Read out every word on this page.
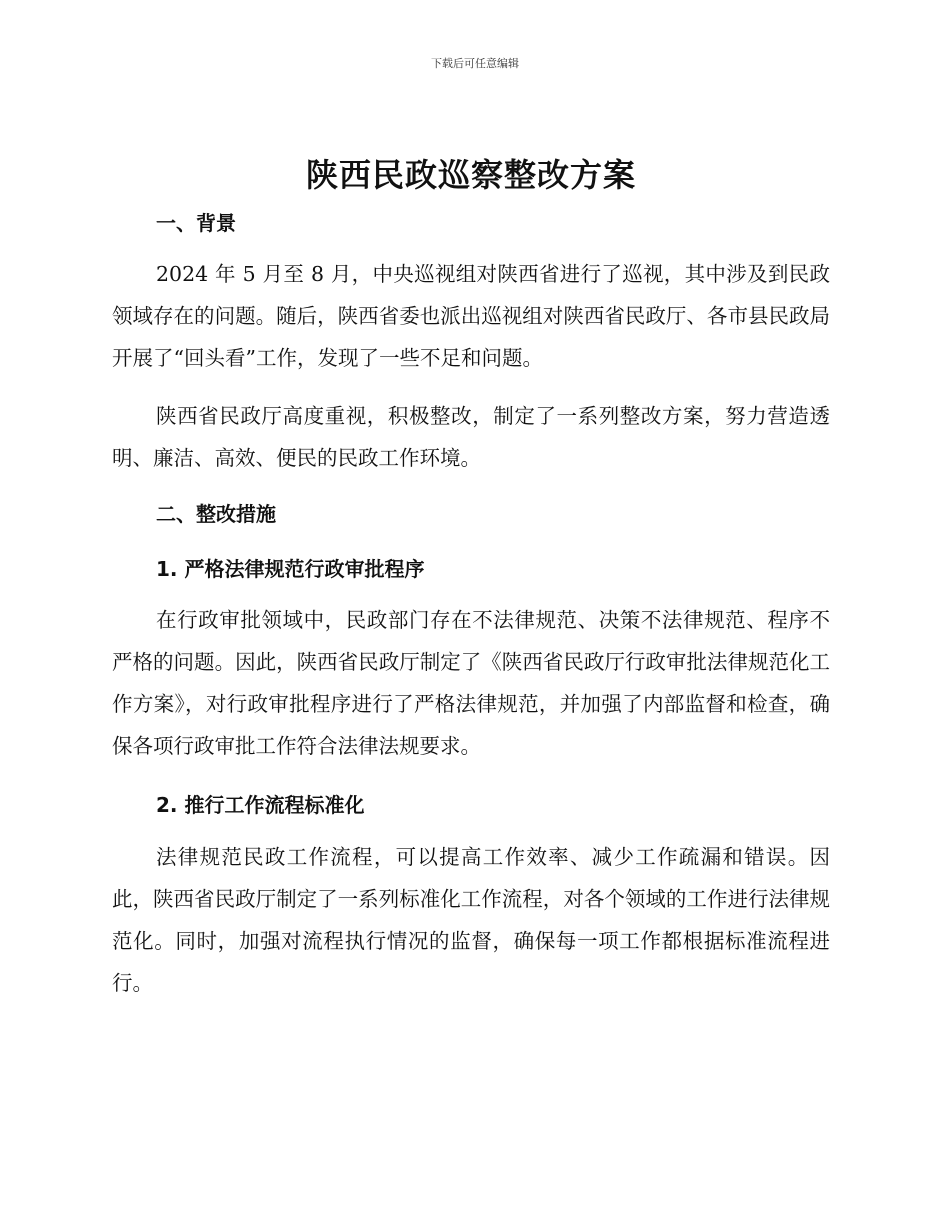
下载后可任意编辑
陕西民政巡察整改方案
一、背景

2024 年 5 月至 8 月，中央巡视组对陕西省进行了巡视，其中涉及到民政领域存在的问题。随后，陕西省委也派出巡视组对陕西省民政厅、各市县民政局开展了“回头看”工作，发现了一些不足和问题。

陕西省民政厅高度重视，积极整改，制定了一系列整改方案，努力营造透明、廉洁、高效、便民的民政工作环境。

二、整改措施
1. 严格法律规范行政审批程序

在行政审批领域中，民政部门存在不法律规范、决策不法律规范、程序不严格的问题。因此，陕西省民政厅制定了《陕西省民政厅行政审批法律规范化工作方案》，对行政审批程序进行了严格法律规范，并加强了内部监督和检查，确保各项行政审批工作符合法律法规要求。

2. 推行工作流程标准化

法律规范民政工作流程，可以提高工作效率、减少工作疏漏和错误。因此，陕西省民政厅制定了一系列标准化工作流程，对各个领域的工作进行法律规范化。同时，加强对流程执行情况的监督，确保每一项工作都根据标准流程进行。
